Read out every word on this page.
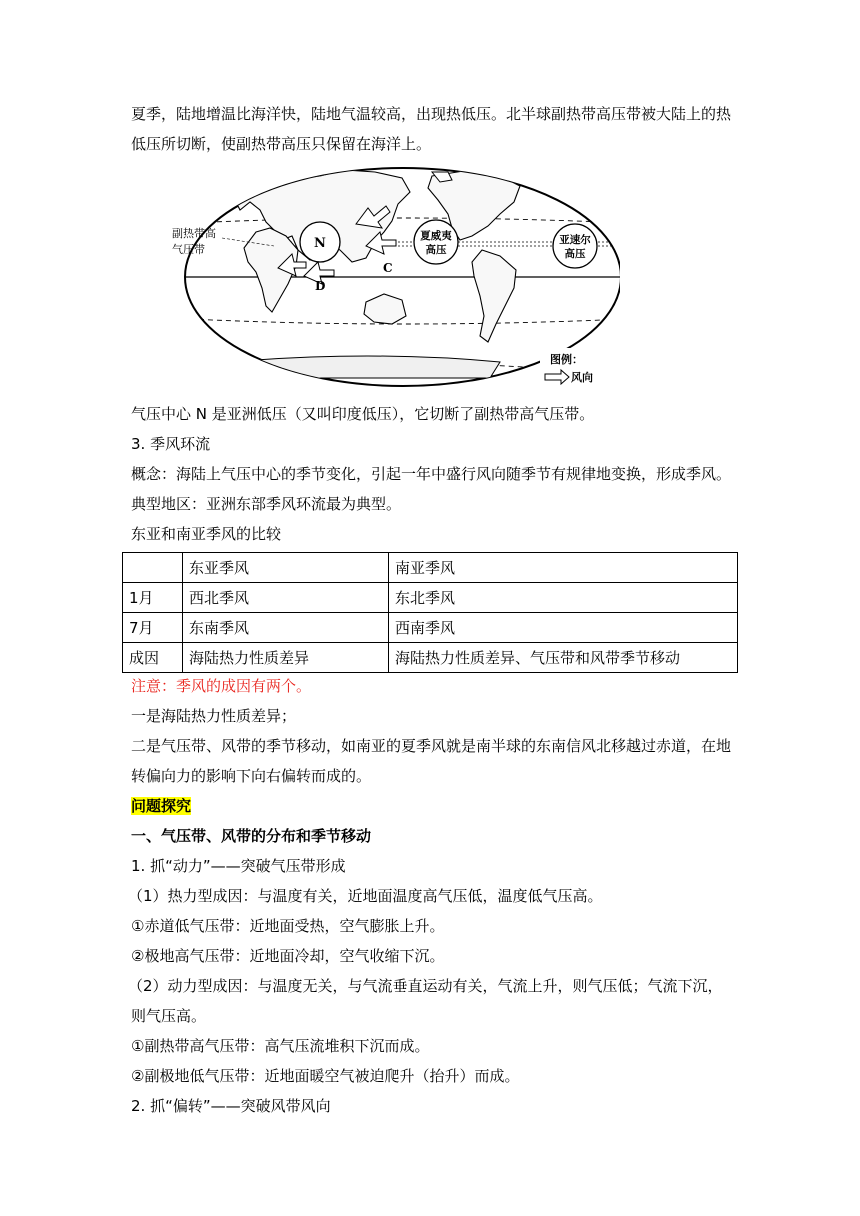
夏季，陆地增温比海洋快，陆地气温较高，出现热低压。北半球副热带高压带被大陆上的热
低压所切断，使副热带高压只保留在海洋上。
副热带高
气压带	N
C
D
夏威夷
高压
亚速尔
高压
图例：
风向
气压中心 N 是亚洲低压（又叫印度低压），它切断了副热带高气压带。
3. 季风环流
概念：海陆上气压中心的季节变化，引起一年中盛行风向随季节有规律地变换，形成季风。
典型地区：亚洲东部季风环流最为典型。
东亚和南亚季风的比较
	东亚季风	南亚季风
1月	西北季风	东北季风
7月	东南季风	西南季风
成因	海陆热力性质差异	海陆热力性质差异、气压带和风带季节移动
注意：季风的成因有两个。
一是海陆热力性质差异；
二是气压带、风带的季节移动，如南亚的夏季风就是南半球的东南信风北移越过赤道，在地
转偏向力的影响下向右偏转而成的。
问题探究
一、气压带、风带的分布和季节移动
1. 抓“动力”——突破气压带形成
（1）热力型成因：与温度有关，近地面温度高气压低，温度低气压高。
①赤道低气压带：近地面受热，空气膨胀上升。
②极地高气压带：近地面冷却，空气收缩下沉。
（2）动力型成因：与温度无关，与气流垂直运动有关，气流上升，则气压低；气流下沉，
则气压高。
①副热带高气压带：高气压流堆积下沉而成。
②副极地低气压带：近地面暖空气被迫爬升（抬升）而成。
2. 抓“偏转”——突破风带风向
